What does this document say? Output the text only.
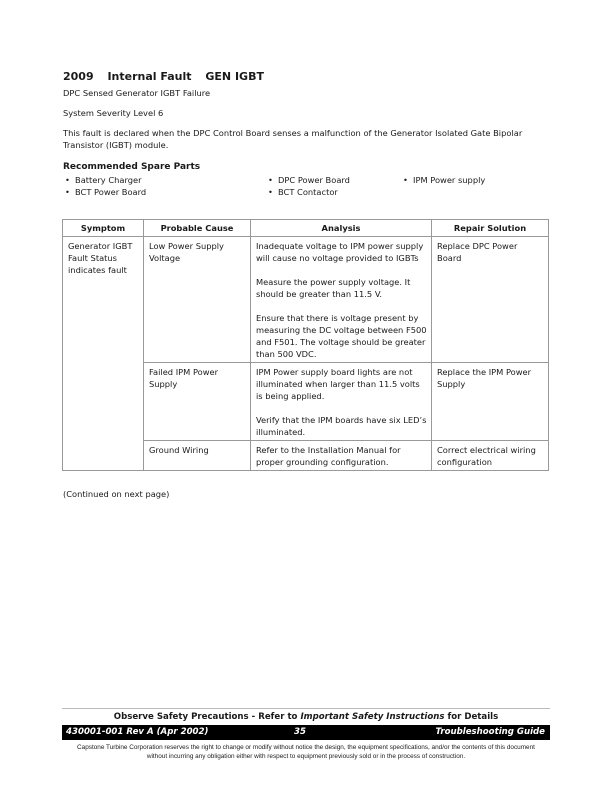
2009 Internal Fault GEN IGBT

DPC Sensed Generator IGBT Failure

System Severity Level 6

This fault is declared when the DPC Control Board senses a malfunction of the Generator Isolated Gate Bipolar Transistor (IGBT) module.

Recommended Spare Parts
• Battery Charger
• BCT Power Board
• DPC Power Board
• BCT Contactor
• IPM Power supply
Symptom	Probable Cause	Analysis	Repair Solution
Generator IGBT Fault Status indicates fault	Low Power Supply Voltage	Inadequate voltage to IPM power supply will cause no voltage provided to IGBTs
Measure the power supply voltage. It should be greater than 11.5 V.
Ensure that there is voltage present by measuring the DC voltage between F500 and F501. The voltage should be greater than 500 VDC.	Replace DPC Power Board
	Failed IPM Power Supply	IPM Power supply board lights are not illuminated when larger than 11.5 volts is being applied.
Verify that the IPM boards have six LED’s illuminated.	Replace the IPM Power Supply
	Ground Wiring	Refer to the Installation Manual for proper grounding configuration.	Correct electrical wiring configuration
(Continued on next page)
Observe Safety Precautions - Refer to Important Safety Instructions for Details
430001-001 Rev A (Apr 2002)	35	Troubleshooting Guide
Capstone Turbine Corporation reserves the right to change or modify without notice the design, the equipment specifications, and/or the contents of this document without incurring any obligation either with respect to equipment previously sold or in the process of construction.
